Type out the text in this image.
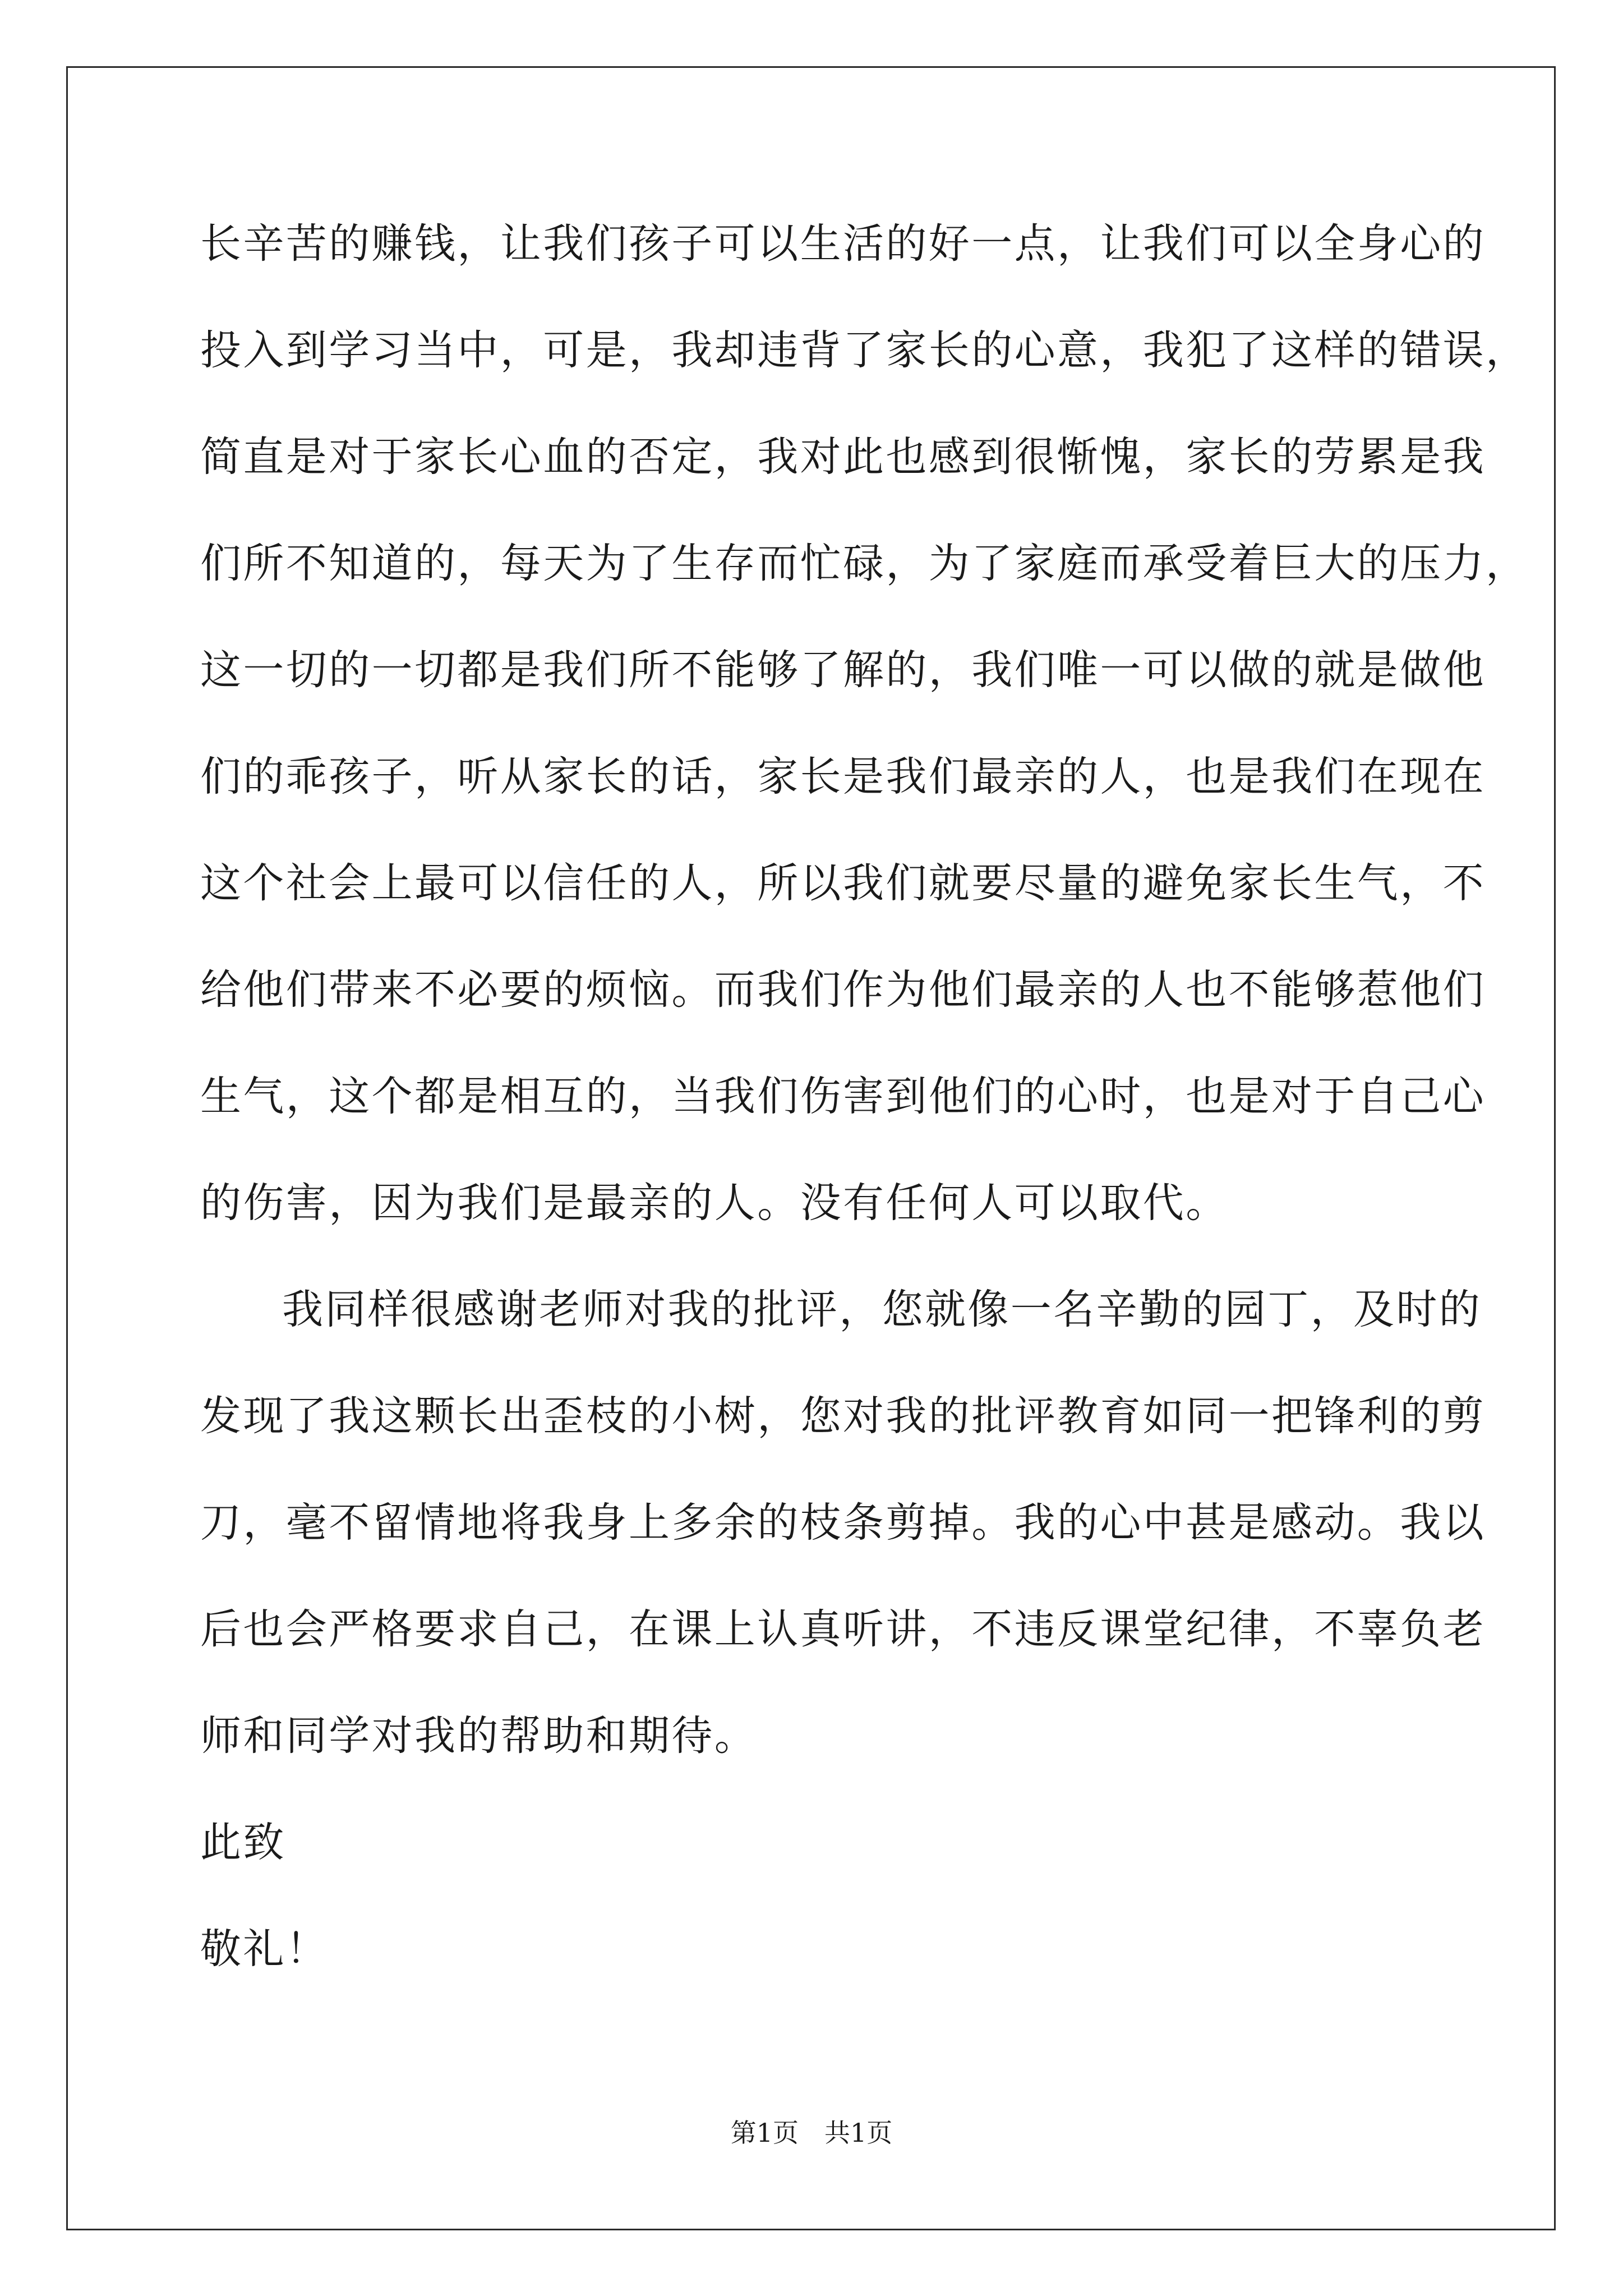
长辛苦的赚钱，让我们孩子可以生活的好一点，让我们可以全身心的
投入到学习当中，可是，我却违背了家长的心意，我犯了这样的错误，
简直是对于家长心血的否定，我对此也感到很惭愧，家长的劳累是我
们所不知道的，每天为了生存而忙碌，为了家庭而承受着巨大的压力，
这一切的一切都是我们所不能够了解的，我们唯一可以做的就是做他
们的乖孩子，听从家长的话，家长是我们最亲的人，也是我们在现在
这个社会上最可以信任的人，所以我们就要尽量的避免家长生气，不
给他们带来不必要的烦恼。而我们作为他们最亲的人也不能够惹他们
生气，这个都是相互的，当我们伤害到他们的心时，也是对于自己心
的伤害，因为我们是最亲的人。没有任何人可以取代。
我同样很感谢老师对我的批评，您就像一名辛勤的园丁，及时的
发现了我这颗长出歪枝的小树，您对我的批评教育如同一把锋利的剪
刀，毫不留情地将我身上多余的枝条剪掉。我的心中甚是感动。我以
后也会严格要求自己，在课上认真听讲，不违反课堂纪律，不辜负老
师和同学对我的帮助和期待。
此致
敬礼！
第1页　共1页
